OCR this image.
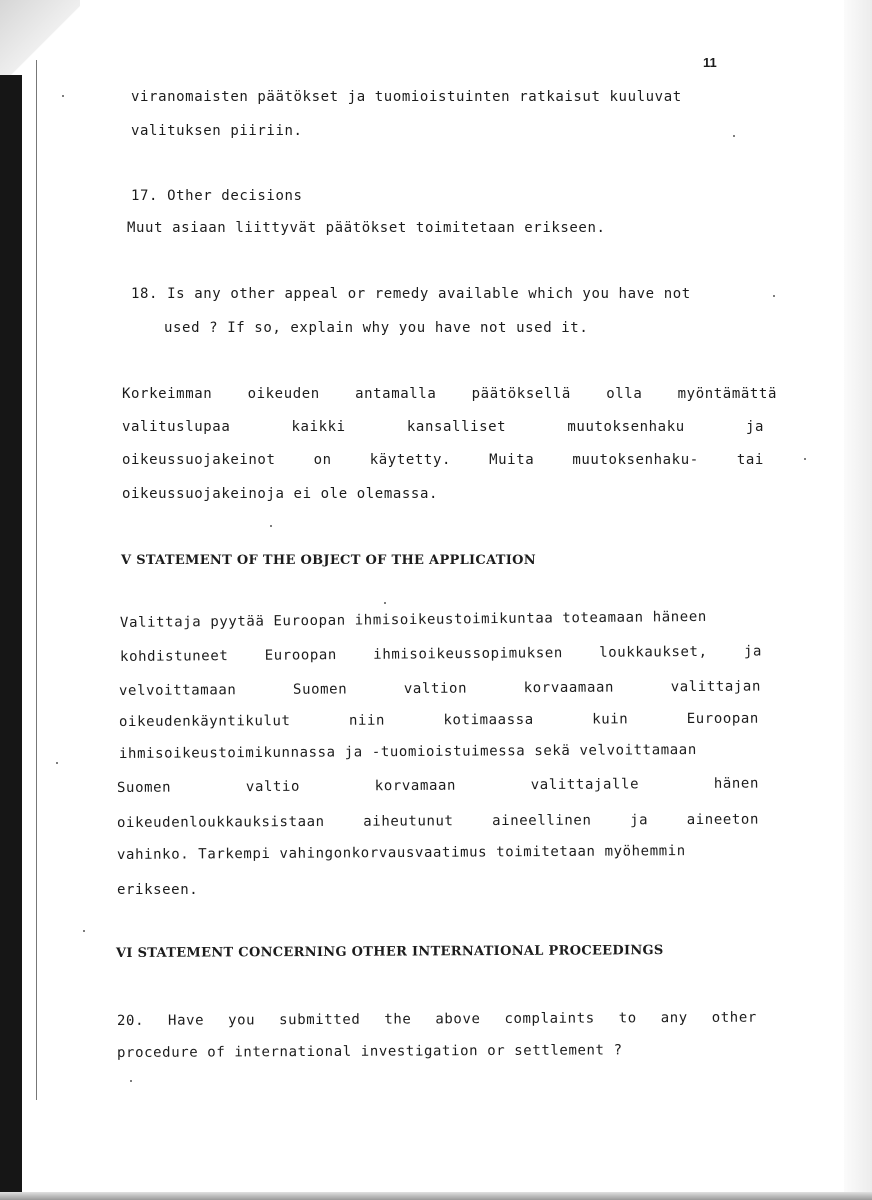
11
viranomaisten päätökset ja tuomioistuinten ratkaisut kuuluvat
valituksen piiriin.
17. Other decisions
Muut asiaan liittyvät päätökset toimitetaan erikseen.
18. Is any other appeal or remedy available which you have not
used ? If so, explain why you have not used it.
Korkeimman	oikeuden	antamalla	päätöksellä	olla	myöntämättä
valituslupaa	kaikki	kansalliset	muutoksenhaku	ja
oikeussuojakeinot	on	käytetty.	Muita	muutoksenhaku-	tai
oikeussuojakeinoja ei ole olemassa.
V STATEMENT OF THE OBJECT OF THE APPLICATION
Valittaja pyytää Euroopan ihmisoikeustoimikuntaa toteamaan häneen
kohdistuneet	Euroopan	ihmisoikeussopimuksen	loukkaukset,	ja
velvoittamaan	Suomen	valtion	korvaamaan	valittajan
oikeudenkäyntikulut	niin	kotimaassa	kuin	Euroopan
ihmisoikeustoimikunnassa ja -tuomioistuimessa sekä velvoittamaan
Suomen	valtio	korvamaan	valittajalle	hänen
oikeudenloukkauksistaan	aiheutunut	aineellinen	ja	aineeton
vahinko. Tarkempi vahingonkorvausvaatimus toimitetaan myöhemmin
erikseen.
VI STATEMENT CONCERNING OTHER INTERNATIONAL PROCEEDINGS
20. Have you submitted the above complaints to any other
procedure of international investigation or settlement ?
